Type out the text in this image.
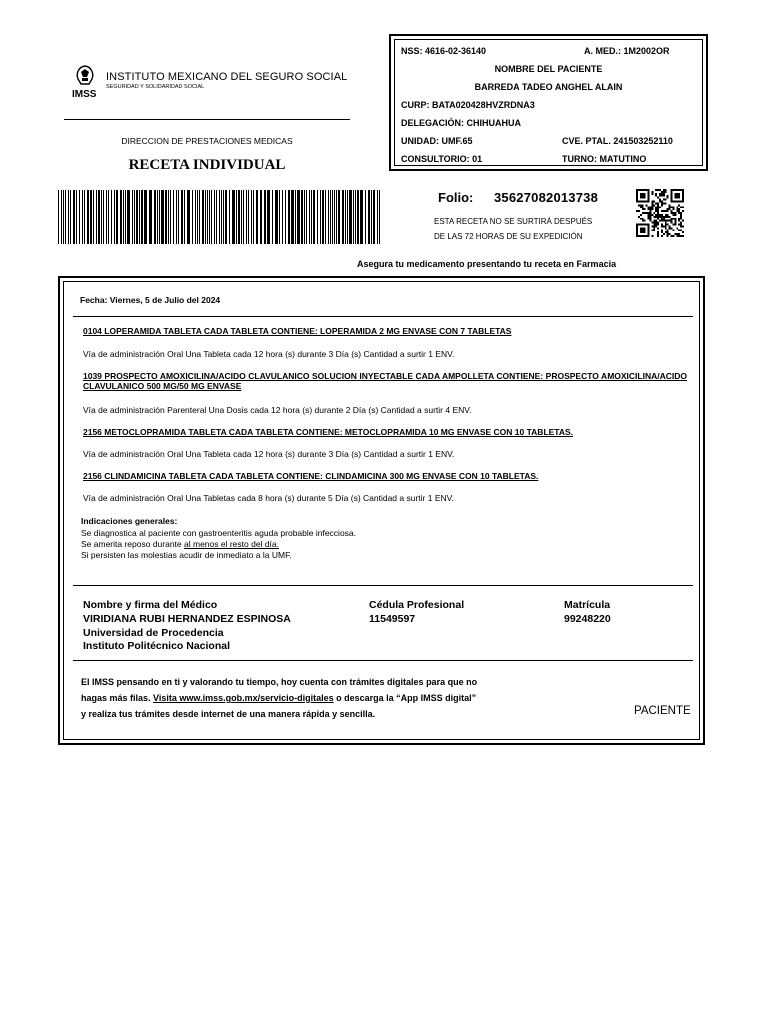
IMSS
INSTITUTO MEXICANO DEL SEGURO SOCIAL
SEGURIDAD Y SOLIDARIDAD SOCIAL
DIRECCION DE PRESTACIONES MEDICAS
RECETA INDIVIDUAL
NSS: 4616-02-36140	A. MED.: 1M2002OR
NOMBRE DEL PACIENTE
BARREDA TADEO ANGHEL ALAIN
CURP: BATA020428HVZRDNA3
DELEGACIÓN: CHIHUAHUA
UNIDAD: UMF.65	CVE. PTAL. 241503252110
CONSULTORIO: 01	TURNO: MATUTINO
Folio: 35627082013738
ESTA RECETA NO SE SURTIRÁ DESPUÉS
DE LAS 72 HORAS DE SU EXPEDICIÓN
Asegura tu medicamento presentando tu receta en Farmacia
Fecha: Viernes, 5 de Julio del 2024
0104 LOPERAMIDA TABLETA CADA TABLETA CONTIENE: LOPERAMIDA 2 MG ENVASE CON 7 TABLETAS
Vía de administración Oral Una Tableta cada 12 hora (s) durante 3 Día (s) Cantidad a surtir 1 ENV.
1039 PROSPECTO AMOXICILINA/ACIDO CLAVULANICO SOLUCION INYECTABLE CADA AMPOLLETA CONTIENE: PROSPECTO AMOXICILINA/ACIDO CLAVULANICO 500 MG/50 MG ENVASE
Vía de administración Parenteral Una Dosis cada 12 hora (s) durante 2 Día (s) Cantidad a surtir 4 ENV.
2156 METOCLOPRAMIDA TABLETA CADA TABLETA CONTIENE: METOCLOPRAMIDA 10 MG ENVASE CON 10 TABLETAS.
Vía de administración Oral Una Tableta cada 12 hora (s) durante 3 Día (s) Cantidad a surtir 1 ENV.
2156 CLINDAMICINA TABLETA CADA TABLETA CONTIENE: CLINDAMICINA 300 MG ENVASE CON 10 TABLETAS.
Vía de administración Oral Una Tabletas cada 8 hora (s) durante 5 Día (s) Cantidad a surtir 1 ENV.
Indicaciones generales:
Se diagnostica al paciente con gastroenteritis aguda probable infecciosa.
Se amerita reposo durante al menos el resto del día.
Si persisten las molestias acudir de inmediato a la UMF.
Nombre y firma del Médico
VIRIDIANA RUBI HERNANDEZ ESPINOSA
Universidad de Procedencia
Instituto Politécnico Nacional
Cédula Profesional
11549597
Matrícula
99248220
El IMSS pensando en ti y valorando tu tiempo, hoy cuenta con trámites digitales para que no
hagas más filas. Visita www.imss.gob.mx/servicio-digitales o descarga la “App IMSS digital”
y realiza tus trámites desde internet de una manera rápida y sencilla.	PACIENTE
